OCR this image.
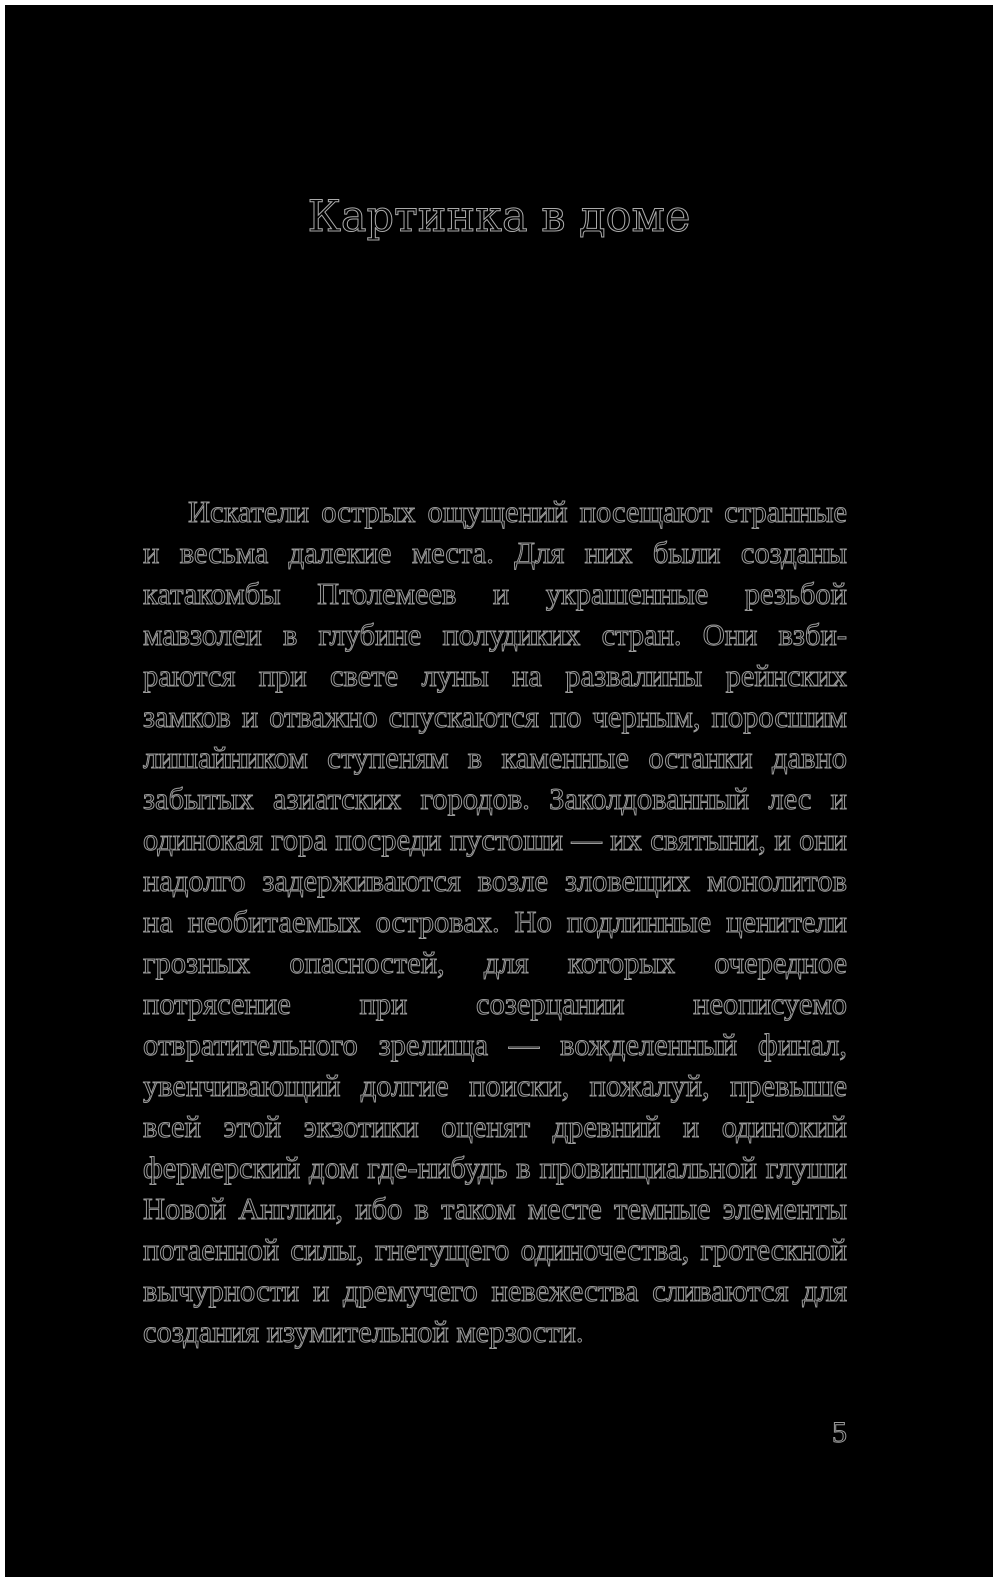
Картинка в доме

Искатели острых ощущений посещают странные и весьма далекие места. Для них были созданы катакомбы Птолемеев и украшенные резьбой мавзолеи в глубине полудиких стран. Они взбираются при свете луны на развалины рейнских замков и отважно спускаются по черным, поросшим лишайником ступеням в каменные останки давно забытых азиатских городов. Заколдованный лес и одинокая гора посреди пустоши — их святыни, и они надолго задерживаются возле зловещих монолитов на необитаемых островах. Но подлинные ценители грозных опасностей, для которых очередное потрясение при созерцании неописуемо отвратительного зрелища — вожделенный финал, увенчивающий долгие поиски, пожалуй, превыше всей этой экзотики оценят древний и одинокий фермерский дом где-нибудь в провинциальной глуши Новой Англии, ибо в таком месте темные элементы потаенной силы, гнетущего одиночества, гротескной вычурности и дремучего невежества сливаются для создания изумительной мерзости.

5
